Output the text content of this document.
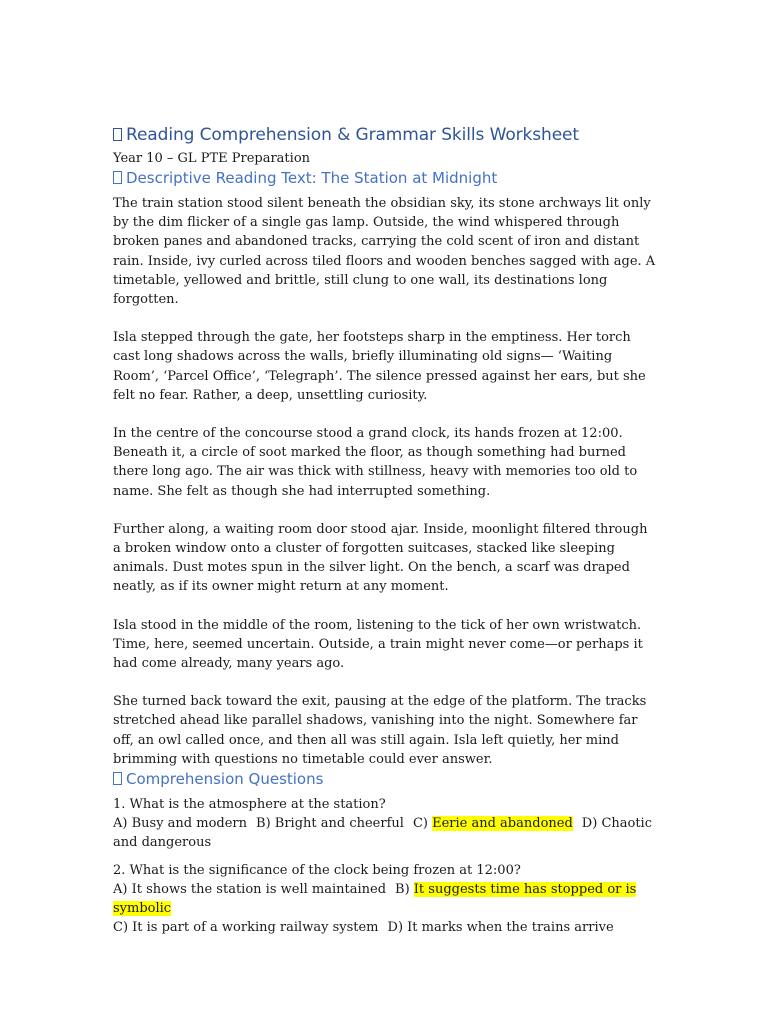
Reading Comprehension & Grammar Skills Worksheet
Year 10 – GL PTE Preparation
Descriptive Reading Text: The Station at Midnight

The train station stood silent beneath the obsidian sky, its stone archways lit only by the dim flicker of a single gas lamp. Outside, the wind whispered through broken panes and abandoned tracks, carrying the cold scent of iron and distant rain. Inside, ivy curled across tiled floors and wooden benches sagged with age. A timetable, yellowed and brittle, still clung to one wall, its destinations long forgotten.

Isla stepped through the gate, her footsteps sharp in the emptiness. Her torch cast long shadows across the walls, briefly illuminating old signs— ‘Waiting Room’, ‘Parcel Office’, ‘Telegraph’. The silence pressed against her ears, but she felt no fear. Rather, a deep, unsettling curiosity.

In the centre of the concourse stood a grand clock, its hands frozen at 12:00. Beneath it, a circle of soot marked the floor, as though something had burned there long ago. The air was thick with stillness, heavy with memories too old to name. She felt as though she had interrupted something.

Further along, a waiting room door stood ajar. Inside, moonlight filtered through a broken window onto a cluster of forgotten suitcases, stacked like sleeping animals. Dust motes spun in the silver light. On the bench, a scarf was draped neatly, as if its owner might return at any moment.

Isla stood in the middle of the room, listening to the tick of her own wristwatch. Time, here, seemed uncertain. Outside, a train might never come—or perhaps it had come already, many years ago.

She turned back toward the exit, pausing at the edge of the platform. The tracks stretched ahead like parallel shadows, vanishing into the night. Somewhere far off, an owl called once, and then all was still again. Isla left quietly, her mind brimming with questions no timetable could ever answer.

Comprehension Questions
1. What is the atmosphere at the station?
A) Busy and modern B) Bright and cheerful C) Eerie and abandoned D) Chaotic and dangerous
2. What is the significance of the clock being frozen at 12:00?
A) It shows the station is well maintained B) It suggests time has stopped or is symbolic
C) It is part of a working railway system D) It marks when the trains arrive
